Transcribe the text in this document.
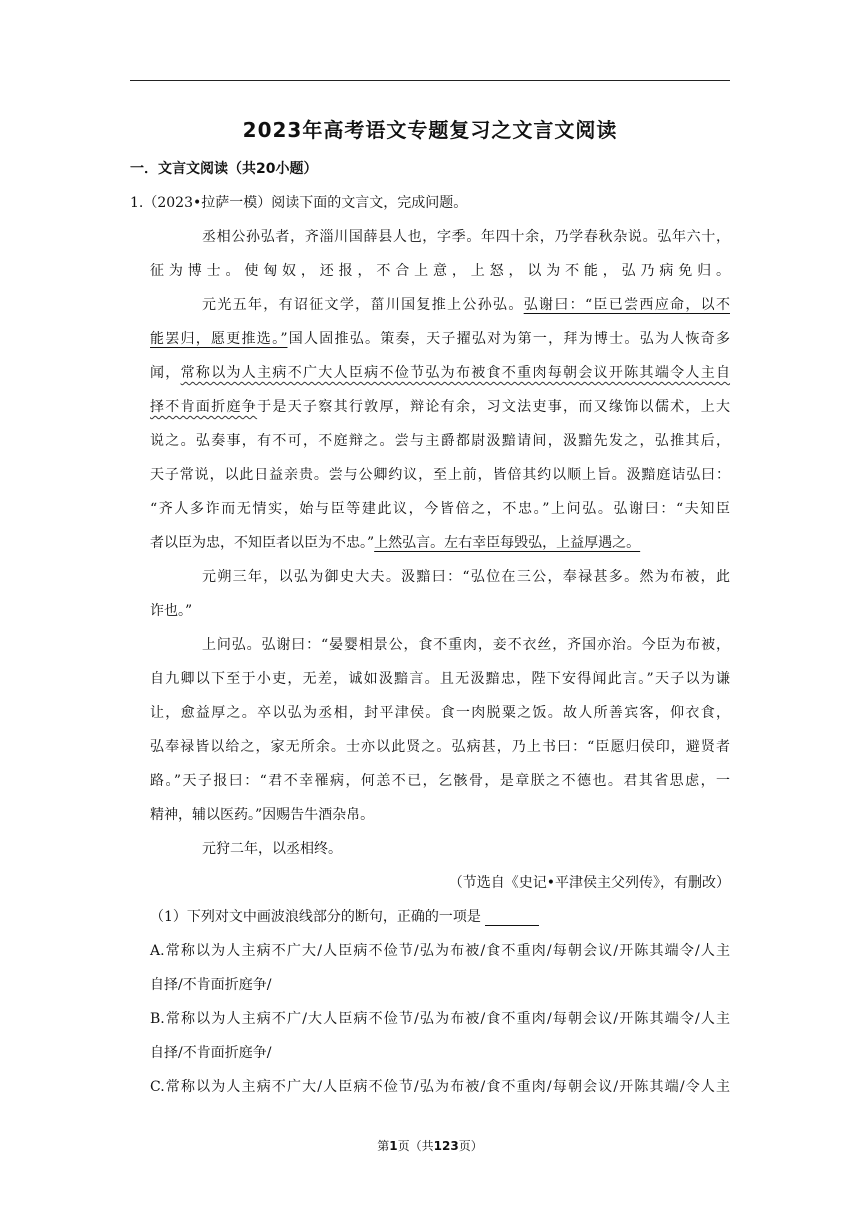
2023年高考语文专题复习之文言文阅读
一．文言文阅读（共20小题）
1.（2023•拉萨一模）阅读下面的文言文，完成问题。
丞相公孙弘者，齐淄川国薛县人也，字季。年四十余，乃学春秋杂说。弘年六十，
征为博士。使匈奴，还报，不合上意，上怒，以为不能，弘乃病免归。
元光五年，有诏征文学，菑川国复推上公孙弘。弘谢曰：“臣已尝西应命，以不
能罢归，愿更推选。”国人固推弘。策奏，天子擢弘对为第一，拜为博士。弘为人恢奇多
闻，常称以为人主病不广大人臣病不俭节弘为布被食不重肉每朝会议开陈其端令人主自
择不肯面折庭争于是天子察其行敦厚，辩论有余，习文法吏事，而又缘饰以儒术，上大
说之。弘奏事，有不可，不庭辩之。尝与主爵都尉汲黯请间，汲黯先发之，弘推其后，
天子常说，以此日益亲贵。尝与公卿约议，至上前，皆倍其约以顺上旨。汲黯庭诘弘曰：
“齐人多诈而无情实，始与臣等建此议，今皆倍之，不忠。”上问弘。弘谢曰：“夫知臣
者以臣为忠，不知臣者以臣为不忠。”上然弘言。左右幸臣每毁弘，上益厚遇之。
元朔三年，以弘为御史大夫。汲黯曰：“弘位在三公，奉禄甚多。然为布被，此
诈也。”
上问弘。弘谢曰：“晏婴相景公，食不重肉，妾不衣丝，齐国亦治。今臣为布被，
自九卿以下至于小吏，无差，诚如汲黯言。且无汲黯忠，陛下安得闻此言。”天子以为谦
让，愈益厚之。卒以弘为丞相，封平津侯。食一肉脱粟之饭。故人所善宾客，仰衣食，
弘奉禄皆以给之，家无所余。士亦以此贤之。弘病甚，乃上书曰：“臣愿归侯印，避贤者
路。”天子报曰：“君不幸罹病，何恙不已，乞骸骨，是章朕之不德也。君其省思虑，一
精神，辅以医药。”因赐告牛酒杂帛。
元狩二年，以丞相终。
（节选自《史记•平津侯主父列传》，有删改）
（1）下列对文中画波浪线部分的断句，正确的一项是
A.常称以为人主病不广大/人臣病不俭节/弘为布被/食不重肉/每朝会议/开陈其端令/人主
自择/不肯面折庭争/
B.常称以为人主病不广/大人臣病不俭节/弘为布被/食不重肉/每朝会议/开陈其端令/人主
自择/不肯面折庭争/
C.常称以为人主病不广大/人臣病不俭节/弘为布被/食不重肉/每朝会议/开陈其端/令人主
第1页（共123页）
